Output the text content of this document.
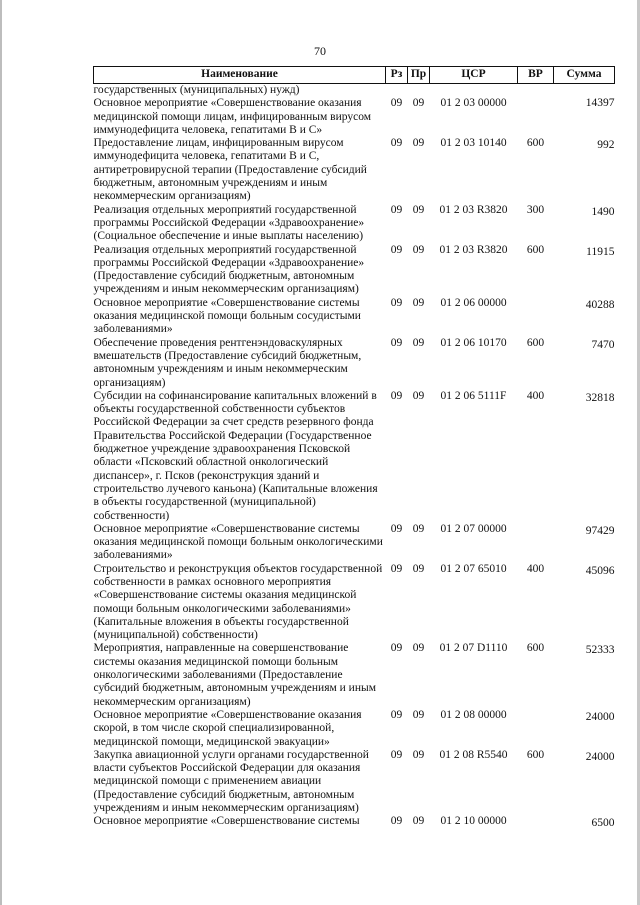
70
Наименование	Рз	Пр	ЦСР	ВР	Сумма
государственных (муниципальных) нужд)					
Основное мероприятие «Совершенствование оказания медицинской помощи лицам, инфицированным вирусом иммунодефицита человека, гепатитами В и С»	09	09	01 2 03 00000		14397
Предоставление лицам, инфицированным вирусом иммунодефицита человека, гепатитами В и С, антиретровирусной терапии (Предоставление субсидий бюджетным, автономным учреждениям и иным некоммерческим организациям)	09	09	01 2 03 10140	600	992
Реализация отдельных мероприятий государственной программы Российской Федерации «Здравоохранение» (Социальное обеспечение и иные выплаты населению)	09	09	01 2 03 R3820	300	1490
Реализация отдельных мероприятий государственной программы Российской Федерации «Здравоохранение» (Предоставление субсидий бюджетным, автономным учреждениям и иным некоммерческим организациям)	09	09	01 2 03 R3820	600	11915
Основное мероприятие «Совершенствование системы оказания медицинской помощи больным сосудистыми заболеваниями»	09	09	01 2 06 00000		40288
Обеспечение проведения рентгенэндоваскулярных вмешательств (Предоставление субсидий бюджетным, автономным учреждениям и иным некоммерческим организациям)	09	09	01 2 06 10170	600	7470
Субсидии на софинансирование капитальных вложений в объекты государственной собственности субъектов Российской Федерации за счет средств резервного фонда Правительства Российской Федерации (Государственное бюджетное учреждение здравоохранения Псковской области «Псковский областной онкологический диспансер», г. Псков (реконструкция зданий и строительство лучевого каньона) (Капитальные вложения в объекты государственной (муниципальной) собственности)	09	09	01 2 06 5111F	400	32818
Основное мероприятие «Совершенствование системы оказания медицинской помощи больным онкологическими заболеваниями»	09	09	01 2 07 00000		97429
Строительство и реконструкция объектов государственной собственности в рамках основного мероприятия «Совершенствование системы оказания медицинской помощи больным онкологическими заболеваниями» (Капитальные вложения в объекты государственной (муниципальной) собственности)	09	09	01 2 07 65010	400	45096
Мероприятия, направленные на совершенствование системы оказания медицинской помощи больным онкологическими заболеваниями (Предоставление субсидий бюджетным, автономным учреждениям и иным некоммерческим организациям)	09	09	01 2 07 D1110	600	52333
Основное мероприятие «Совершенствование оказания скорой, в том числе скорой специализированной, медицинской помощи, медицинской эвакуации»	09	09	01 2 08 00000		24000
Закупка авиационной услуги органами государственной власти субъектов Российской Федерации для оказания медицинской помощи с применением авиации (Предоставление субсидий бюджетным, автономным учреждениям и иным некоммерческим организациям)	09	09	01 2 08 R5540	600	24000
Основное мероприятие «Совершенствование системы	09	09	01 2 10 00000		6500
